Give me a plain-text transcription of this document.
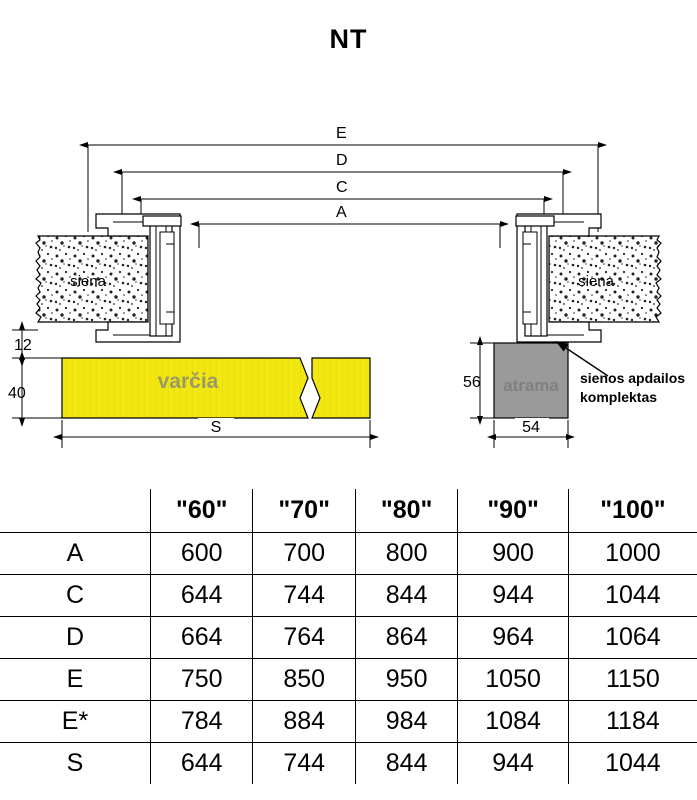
NT
E
D
C
A
siena	siena
varčia
12
40
S
atrama
56
54
sienos apdailos
komplektas
	"60"	"70"	"80"	"90"	"100"
A	600	700	800	900	1000
C	644	744	844	944	1044
D	664	764	864	964	1064
E	750	850	950	1050	1150
E*	784	884	984	1084	1184
S	644	744	844	944	1044
